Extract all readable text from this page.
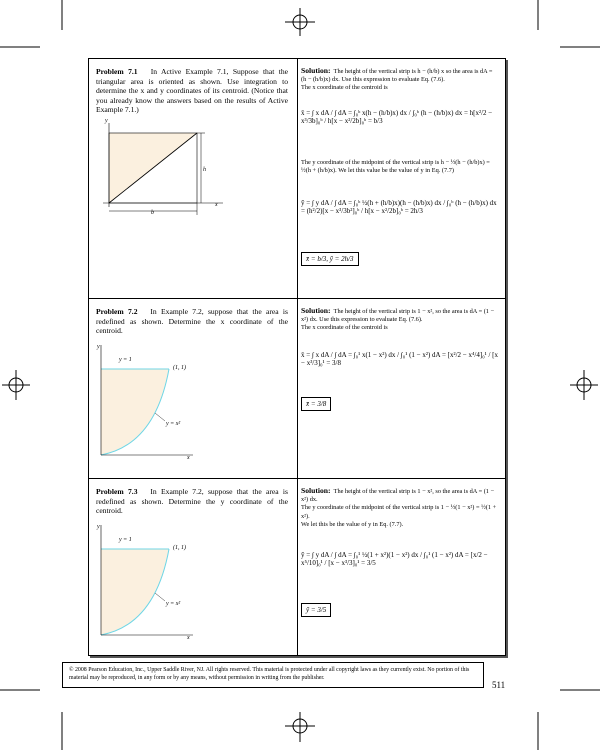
Problem 7.1 In Active Example 7.1, Suppose that the triangular area is oriented as shown. Use integration to determine the x and y coordinates of its centroid. (Notice that you already know the answers based on the results of Active Example 7.1.)
y
x
h
b
Solution: The height of the vertical strip is h − (h/b) x so the area is dA = (h − (h/b)x) dx. Use this expression to evaluate Eq. (7.6).
The x coordinate of the centroid is
x̄ = ∫ x dA / ∫ dA = ∫₀ᵇ x(h − (h/b)x) dx / ∫₀ᵇ (h − (h/b)x) dx = h[x²/2 − x³/3b]₀ᵇ / h[x − x²/2b]₀ᵇ = b/3
The y coordinate of the midpoint of the vertical strip is h − ½(h − (h/b)x) = ½(h + (h/b)x). We let this value be the value of y in Eq. (7.7)
ȳ = ∫ y dA / ∫ dA = ∫₀ᵇ ½(h + (h/b)x)(h − (h/b)x) dx / ∫₀ᵇ (h − (h/b)x) dx = (h²/2)[x − x³/3b²]₀ᵇ / h[x − x²/2b]₀ᵇ = 2h/3
x̄ = b/3, ȳ = 2h/3
Problem 7.2 In Example 7.2, suppose that the area is redefined as shown. Determine the x coordinate of the centroid.
y
x
y = 1
(1, 1)
y = x²
Solution: The height of the vertical strip is 1 − x², so the area is dA = (1 − x²) dx. Use this expression to evaluate Eq. (7.6).
The x coordinate of the centroid is
x̄ = ∫ x dA / ∫ dA = ∫₀¹ x(1 − x²) dx / ∫₀¹ (1 − x²) dA = [x²/2 − x⁴/4]₀¹ / [x − x³/3]₀¹ = 3/8
x̄ = 3/8
Problem 7.3 In Example 7.2, suppose that the area is redefined as shown. Determine the y coordinate of the centroid.
y
x
y = 1
(1, 1)
y = x²
Solution: The height of the vertical strip is 1 − x², so the area is dA = (1 − x²) dx.
The y coordinate of the midpoint of the vertical strip is 1 − ½(1 − x²) = ½(1 + x²).
We let this be the value of y in Eq. (7.7).
ȳ = ∫ y dA / ∫ dA = ∫₀¹ ½(1 + x²)(1 − x²) dx / ∫₀¹ (1 − x²) dA = [x/2 − x⁵/10]₀¹ / [x − x³/3]₀¹ = 3/5
ȳ = 3/5
© 2008 Pearson Education, Inc., Upper Saddle River, NJ. All rights reserved. This material is protected under all copyright laws as they currently exist. No portion of this material may be reproduced, in any form or by any means, without permission in writing from the publisher.
511
